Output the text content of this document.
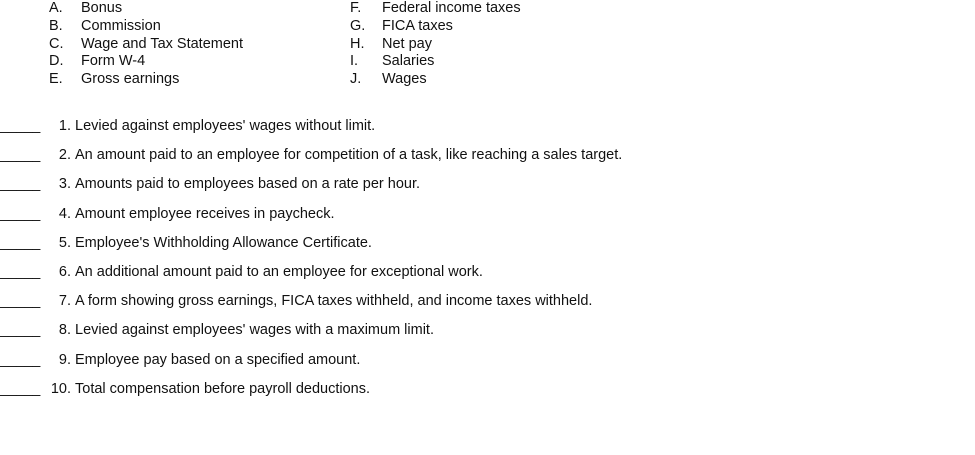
A. Bonus
B. Commission
C. Wage and Tax Statement
D. Form W-4
E. Gross earnings
F. Federal income taxes
G. FICA taxes
H. Net pay
I. Salaries
J. Wages
_____ 1. Levied against employees' wages without limit.
_____ 2. An amount paid to an employee for competition of a task, like reaching a sales target.
_____ 3. Amounts paid to employees based on a rate per hour.
_____ 4. Amount employee receives in paycheck.
_____ 5. Employee's Withholding Allowance Certificate.
_____ 6. An additional amount paid to an employee for exceptional work.
_____ 7. A form showing gross earnings, FICA taxes withheld, and income taxes withheld.
_____ 8. Levied against employees' wages with a maximum limit.
_____ 9. Employee pay based on a specified amount.
_____ 10. Total compensation before payroll deductions.
